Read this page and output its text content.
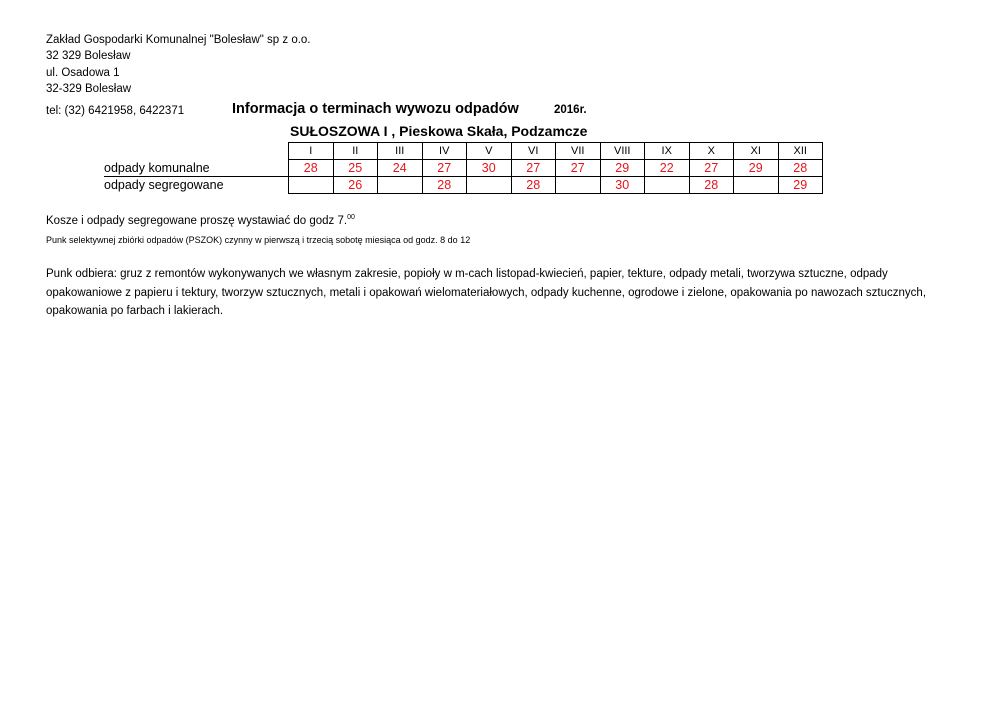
Zakład Gospodarki Komunalnej "Bolesław" sp z o.o.
32 329 Bolesław
ul. Osadowa 1
32-329 Bolesław
tel: (32) 6421958, 6422371	Informacja o terminach wywozu odpadów	2016r.
SUŁOSZOWA I , Pieskowa Skała, Podzamcze
	I	II	III	IV	V	VI	VII	VIII	IX	X	XI	XII
odpady komunalne	28	25	24	27	30	27	27	29	22	27	29	28
odpady segregowane		26		28		28		30		28		29
Kosze i odpady segregowane proszę wystawiać do godz 7.00
Punk selektywnej zbiórki odpadów (PSZOK) czynny w pierwszą i trzecią sobotę miesiąca od godz. 8 do 12
Punk odbiera: gruz z remontów wykonywanych we własnym zakresie, popioły w m-cach listopad-kwiecień, papier, tekture, odpady metali, tworzywa sztuczne, odpady opakowaniowe z papieru i tektury, tworzyw sztucznych, metali i opakowań wielomateriałowych, odpady kuchenne, ogrodowe i zielone, opakowania po nawozach sztucznych, opakowania po farbach i lakierach.
